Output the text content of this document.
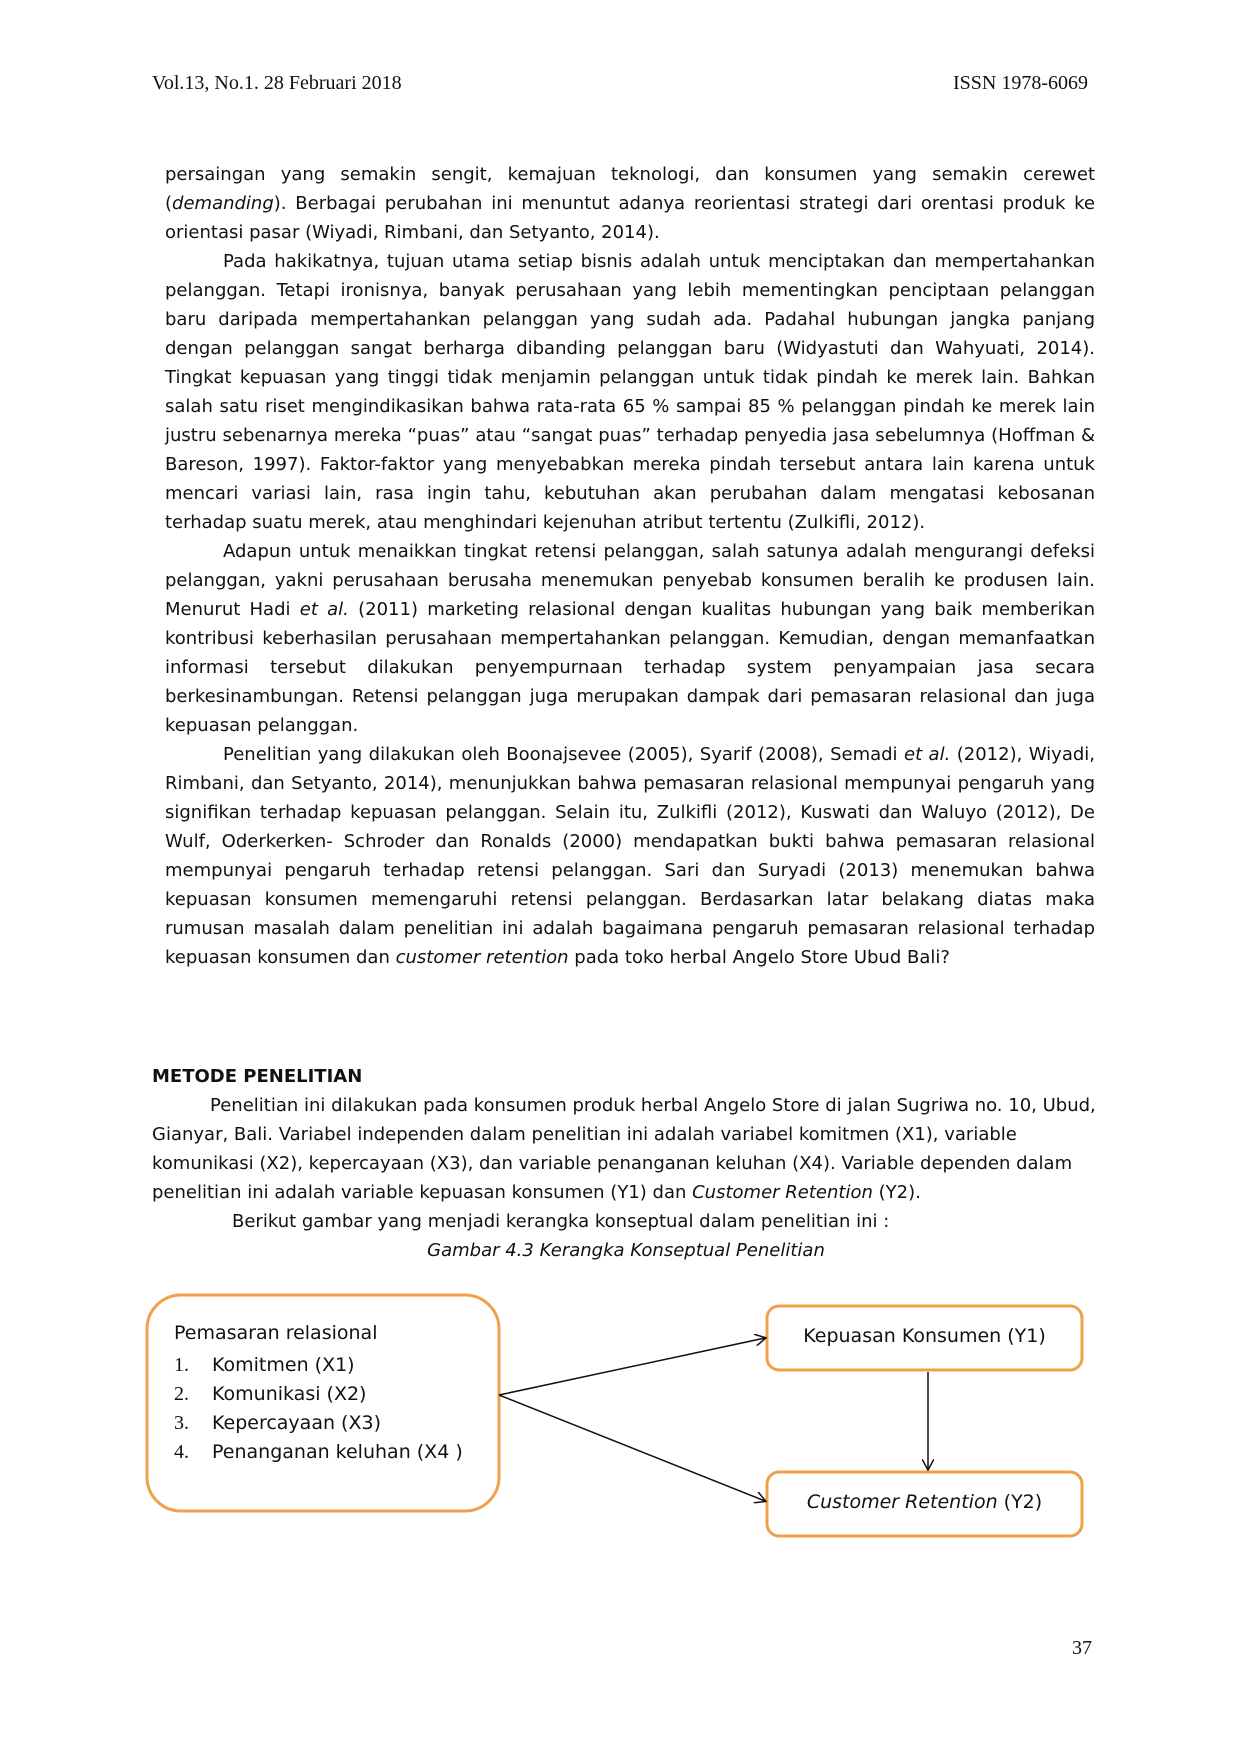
Vol.13, No.1. 28 Februari 2018	ISSN 1978-6069

persaingan yang semakin sengit, kemajuan teknologi, dan konsumen yang semakin cerewet (demanding). Berbagai perubahan ini menuntut adanya reorientasi strategi dari orentasi produk ke orientasi pasar (Wiyadi, Rimbani, dan Setyanto, 2014).

Pada hakikatnya, tujuan utama setiap bisnis adalah untuk menciptakan dan mempertahankan pelanggan. Tetapi ironisnya, banyak perusahaan yang lebih mementingkan penciptaan pelanggan baru daripada mempertahankan pelanggan yang sudah ada. Padahal hubungan jangka panjang dengan pelanggan sangat berharga dibanding pelanggan baru (Widyastuti dan Wahyuati, 2014). Tingkat kepuasan yang tinggi tidak menjamin pelanggan untuk tidak pindah ke merek lain. Bahkan salah satu riset mengindikasikan bahwa rata-rata 65 % sampai 85 % pelanggan pindah ke merek lain justru sebenarnya mereka “puas” atau “sangat puas” terhadap penyedia jasa sebelumnya (Hoffman & Bareson, 1997). Faktor-faktor yang menyebabkan mereka pindah tersebut antara lain karena untuk mencari variasi lain, rasa ingin tahu, kebutuhan akan perubahan dalam mengatasi kebosanan terhadap suatu merek, atau menghindari kejenuhan atribut tertentu (Zulkifli, 2012).

Adapun untuk menaikkan tingkat retensi pelanggan, salah satunya adalah mengurangi defeksi pelanggan, yakni perusahaan berusaha menemukan penyebab konsumen beralih ke produsen lain. Menurut Hadi et al. (2011) marketing relasional dengan kualitas hubungan yang baik memberikan kontribusi keberhasilan perusahaan mempertahankan pelanggan. Kemudian, dengan memanfaatkan informasi tersebut dilakukan penyempurnaan terhadap system penyampaian jasa secara berkesinambungan. Retensi pelanggan juga merupakan dampak dari pemasaran relasional dan juga kepuasan pelanggan.

Penelitian yang dilakukan oleh Boonajsevee (2005), Syarif (2008), Semadi et al. (2012), Wiyadi, Rimbani, dan Setyanto, 2014), menunjukkan bahwa pemasaran relasional mempunyai pengaruh yang signifikan terhadap kepuasan pelanggan. Selain itu, Zulkifli (2012), Kuswati dan Waluyo (2012), De Wulf, Oderkerken- Schroder dan Ronalds (2000) mendapatkan bukti bahwa pemasaran relasional mempunyai pengaruh terhadap retensi pelanggan. Sari dan Suryadi (2013) menemukan bahwa kepuasan konsumen memengaruhi retensi pelanggan. Berdasarkan latar belakang diatas maka rumusan masalah dalam penelitian ini adalah bagaimana pengaruh pemasaran relasional terhadap kepuasan konsumen dan customer retention pada toko herbal Angelo Store Ubud Bali?

METODE PENELITIAN

Penelitian ini dilakukan pada konsumen produk herbal Angelo Store di jalan Sugriwa no. 10, Ubud, Gianyar, Bali. Variabel independen dalam penelitian ini adalah variabel komitmen (X1), variable komunikasi (X2), kepercayaan (X3), dan variable penanganan keluhan (X4). Variable dependen dalam penelitian ini adalah variable kepuasan konsumen (Y1) dan Customer Retention (Y2).

Berikut gambar yang menjadi kerangka konseptual dalam penelitian ini :

Gambar 4.3 Kerangka Konseptual Penelitian

Pemasaran relasional
1. Komitmen (X1)
2. Komunikasi (X2)
3. Kepercayaan (X3)
4. Penanganan keluhan (X4 )
Kepuasan Konsumen (Y1)
Customer Retention (Y2)
37
